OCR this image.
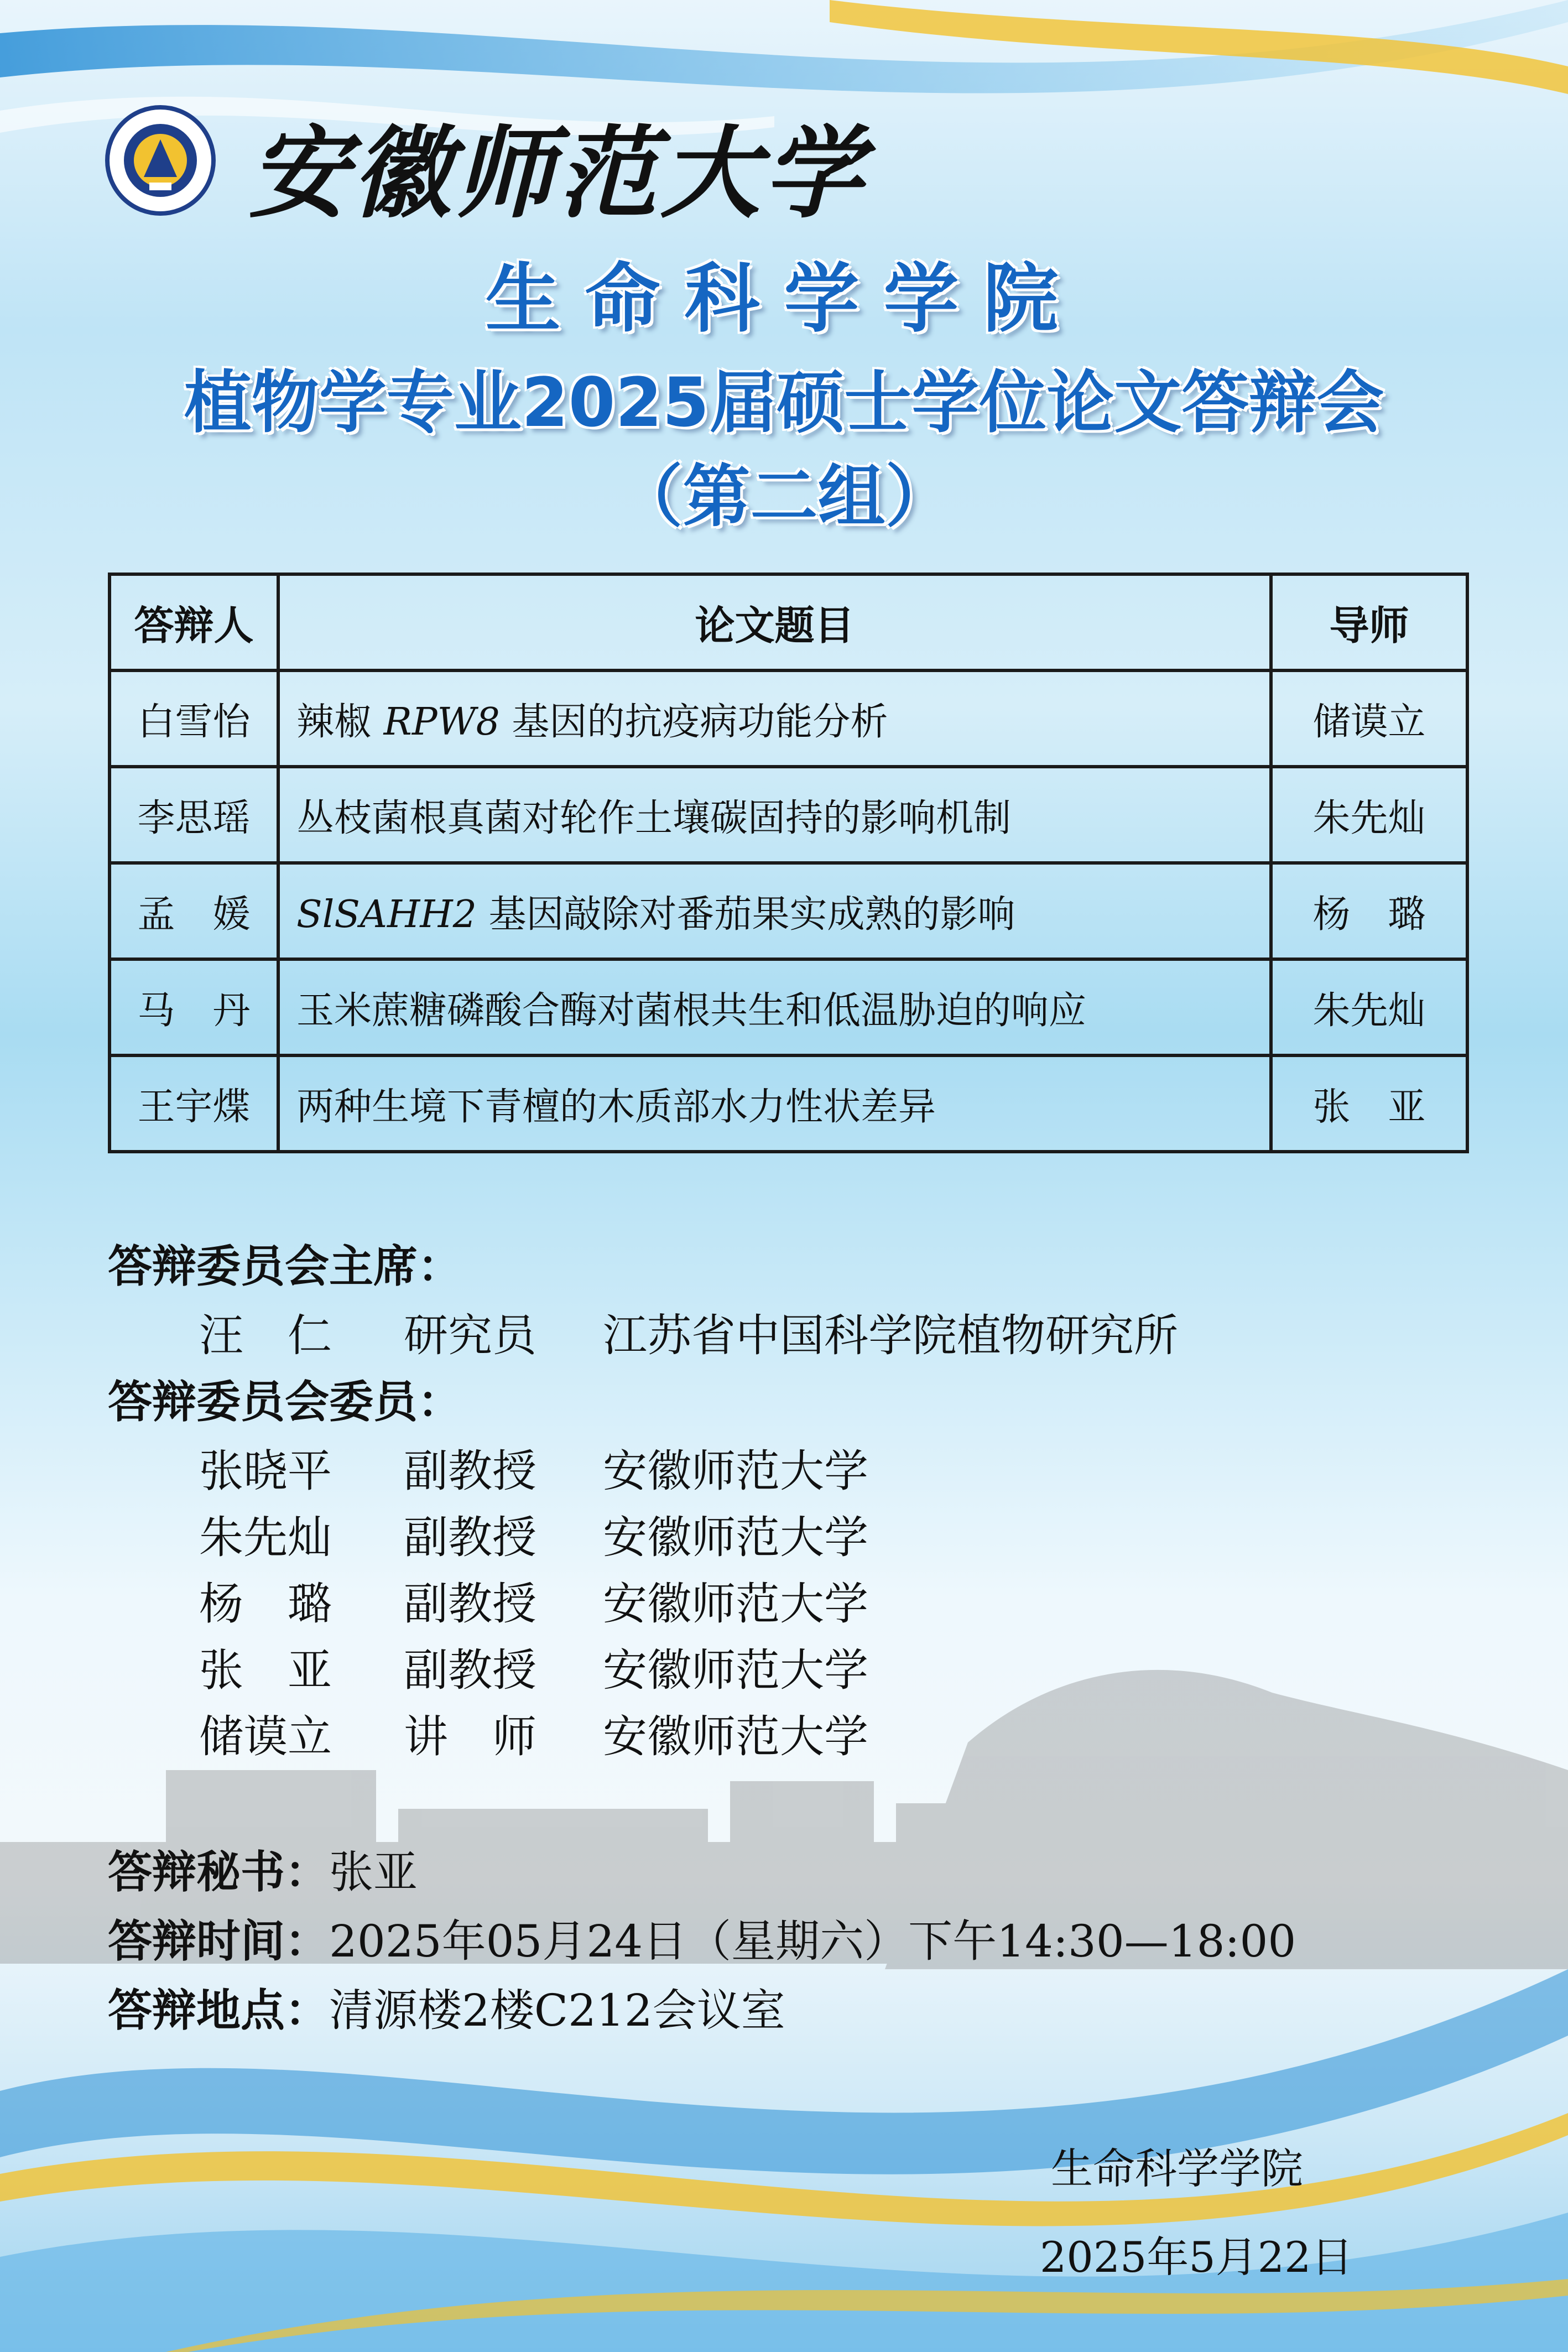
安徽师范大学
生命科学学院
植物学专业2025届硕士学位论文答辩会
（第二组）
答辩人	论文题目	导师
白雪怡	辣椒 RPW8 基因的抗疫病功能分析	储谟立
李思瑶	丛枝菌根真菌对轮作土壤碳固持的影响机制	朱先灿
孟　媛	SlSAHH2 基因敲除对番茄果实成熟的影响	杨　璐
马　丹	玉米蔗糖磷酸合酶对菌根共生和低温胁迫的响应	朱先灿
王宇煠	两种生境下青檀的木质部水力性状差异	张　亚
答辩委员会主席：
汪　仁 研究员 江苏省中国科学院植物研究所
答辩委员会委员：
张晓平 副教授 安徽师范大学
朱先灿 副教授 安徽师范大学
杨　璐 副教授 安徽师范大学
张　亚 副教授 安徽师范大学
储谟立 讲　师 安徽师范大学
答辩秘书：张亚
答辩时间：2025年05月24日（星期六）下午14:30—18:00
答辩地点：清源楼2楼C212会议室
生命科学学院
2025年5月22日
